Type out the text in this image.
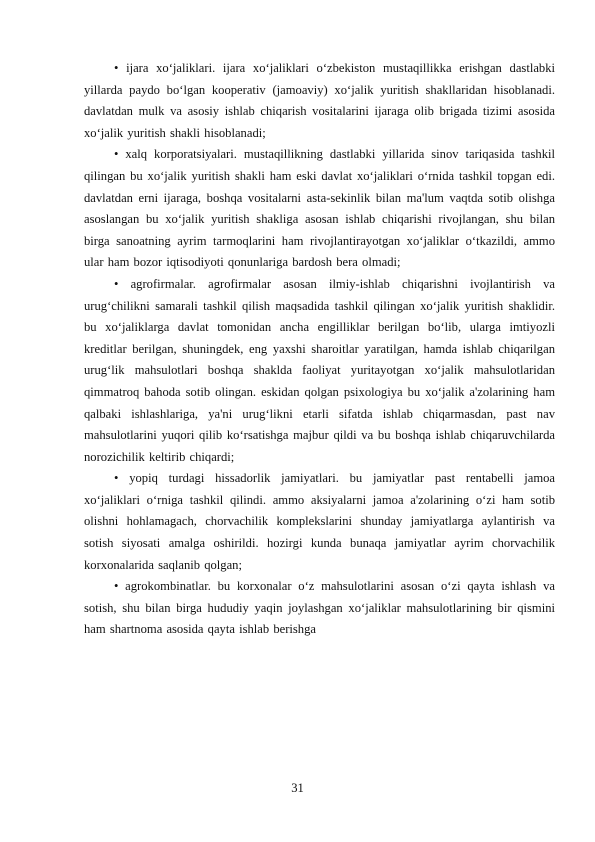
• ijara xo‘jaliklari. ijara xo‘jaliklari o‘zbekiston mustaqillikka erishgan dastlabki yillarda paydo bo‘lgan kooperativ (jamoaviy) xo‘jalik yuritish shakllaridan hisoblanadi. davlatdan mulk va asosiy ishlab chiqarish vositalarini ijaraga olib brigada tizimi asosida xo‘jalik yuritish shakli hisoblanadi;

• xalq korporatsiyalari. mustaqillikning dastlabki yillarida sinov tariqasida tashkil qilingan bu xo‘jalik yuritish shakli ham eski davlat xo‘jaliklari o‘rnida tashkil topgan edi. davlatdan erni ijaraga, boshqa vositalarni asta-sekinlik bilan ma'lum vaqtda sotib olishga asoslangan bu xo‘jalik yuritish shakliga asosan ishlab chiqarishi rivojlangan, shu bilan birga sanoatning ayrim tarmoqlarini ham rivojlantirayotgan xo‘jaliklar o‘tkazildi, ammo ular ham bozor iqtisodiyoti qonunlariga bardosh bera olmadi;

• agrofirmalar. agrofirmalar asosan ilmiy-ishlab chiqarishni ivojlantirish va urug‘chilikni samarali tashkil qilish maqsadida tashkil qilingan xo‘jalik yuritish shaklidir. bu xo‘jaliklarga davlat tomonidan ancha engilliklar berilgan bo‘lib, ularga imtiyozli kreditlar berilgan, shuningdek, eng yaxshi sharoitlar yaratilgan, hamda ishlab chiqarilgan urug‘lik mahsulotlari boshqa shaklda faoliyat yuritayotgan xo‘jalik mahsulotlaridan qimmatroq bahoda sotib olingan. eskidan qolgan psixologiya bu xo‘jalik a'zolarining ham qalbaki ishlashlariga, ya'ni urug‘likni etarli sifatda ishlab chiqarmasdan, past nav mahsulotlarini yuqori qilib ko‘rsatishga majbur qildi va bu boshqa ishlab chiqaruvchilarda norozichilik keltirib chiqardi;

• yopiq turdagi hissadorlik jamiyatlari. bu jamiyatlar past rentabelli jamoa xo‘jaliklari o‘rniga tashkil qilindi. ammo aksiyalarni jamoa a'zolarining o‘zi ham sotib olishni hohlamagach, chorvachilik komplekslarini shunday jamiyatlarga aylantirish va sotish siyosati amalga oshirildi. hozirgi kunda bunaqa jamiyatlar ayrim chorvachilik korxonalarida saqlanib qolgan;

• agrokombinatlar. bu korxonalar o‘z mahsulotlarini asosan o‘zi qayta ishlash va sotish, shu bilan birga hududiy yaqin joylashgan xo‘jaliklar mahsulotlarining bir qismini ham shartnoma asosida qayta ishlab berishga

31
